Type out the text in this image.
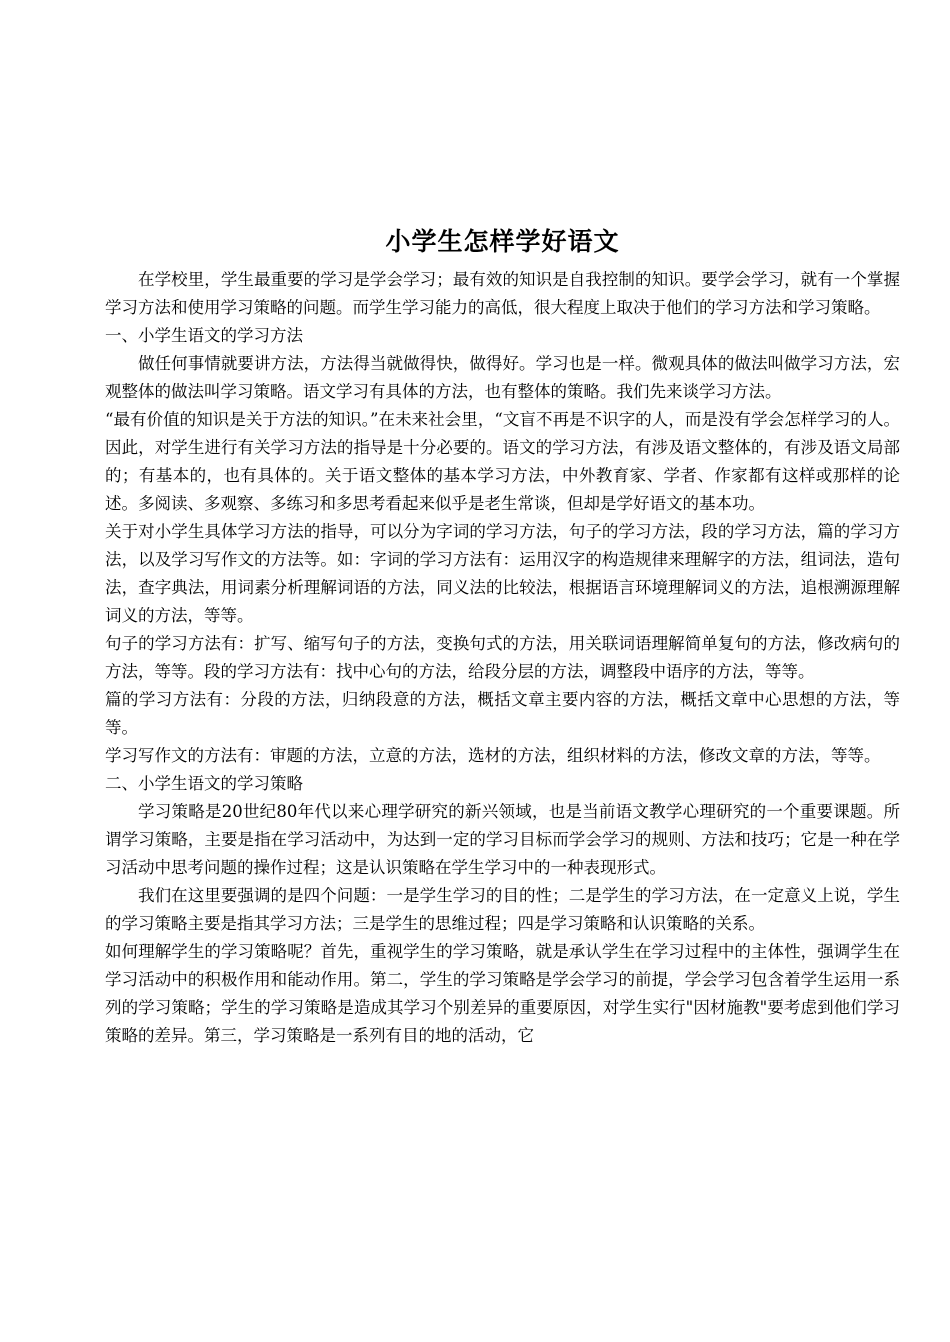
小学生怎样学好语文

在学校里，学生最重要的学习是学会学习；最有效的知识是自我控制的知识。要学会学习，就有一个掌握学习方法和使用学习策略的问题。而学生学习能力的高低，很大程度上取决于他们的学习方法和学习策略。

一、小学生语文的学习方法

做任何事情就要讲方法，方法得当就做得快，做得好。学习也是一样。微观具体的做法叫做学习方法，宏观整体的做法叫学习策略。语文学习有具体的方法，也有整体的策略。我们先来谈学习方法。

“最有价值的知识是关于方法的知识。”在未来社会里，“文盲不再是不识字的人，而是没有学会怎样学习的人。因此，对学生进行有关学习方法的指导是十分必要的。语文的学习方法，有涉及语文整体的，有涉及语文局部的；有基本的，也有具体的。关于语文整体的基本学习方法，中外教育家、学者、作家都有这样或那样的论述。多阅读、多观察、多练习和多思考看起来似乎是老生常谈，但却是学好语文的基本功。

关于对小学生具体学习方法的指导，可以分为字词的学习方法，句子的学习方法，段的学习方法，篇的学习方法，以及学习写作文的方法等。如：字词的学习方法有：运用汉字的构造规律来理解字的方法，组词法，造句法，查字典法，用词素分析理解词语的方法，同义法的比较法，根据语言环境理解词义的方法，追根溯源理解词义的方法，等等。

句子的学习方法有：扩写、缩写句子的方法，变换句式的方法，用关联词语理解简单复句的方法，修改病句的方法，等等。段的学习方法有：找中心句的方法，给段分层的方法，调整段中语序的方法，等等。

篇的学习方法有：分段的方法，归纳段意的方法，概括文章主要内容的方法，概括文章中心思想的方法，等等。

学习写作文的方法有：审题的方法，立意的方法，选材的方法，组织材料的方法，修改文章的方法，等等。

二、小学生语文的学习策略

学习策略是20世纪80年代以来心理学研究的新兴领域，也是当前语文教学心理研究的一个重要课题。所谓学习策略，主要是指在学习活动中，为达到一定的学习目标而学会学习的规则、方法和技巧；它是一种在学习活动中思考问题的操作过程；这是认识策略在学生学习中的一种表现形式。

我们在这里要强调的是四个问题：一是学生学习的目的性；二是学生的学习方法，在一定意义上说，学生的学习策略主要是指其学习方法；三是学生的思维过程；四是学习策略和认识策略的关系。

如何理解学生的学习策略呢？首先，重视学生的学习策略，就是承认学生在学习过程中的主体性，强调学生在学习活动中的积极作用和能动作用。第二，学生的学习策略是学会学习的前提，学会学习包含着学生运用一系列的学习策略；学生的学习策略是造成其学习个别差异的重要原因，对学生实行"因材施教"要考虑到他们学习策略的差异。第三，学习策略是一系列有目的地的活动，它
